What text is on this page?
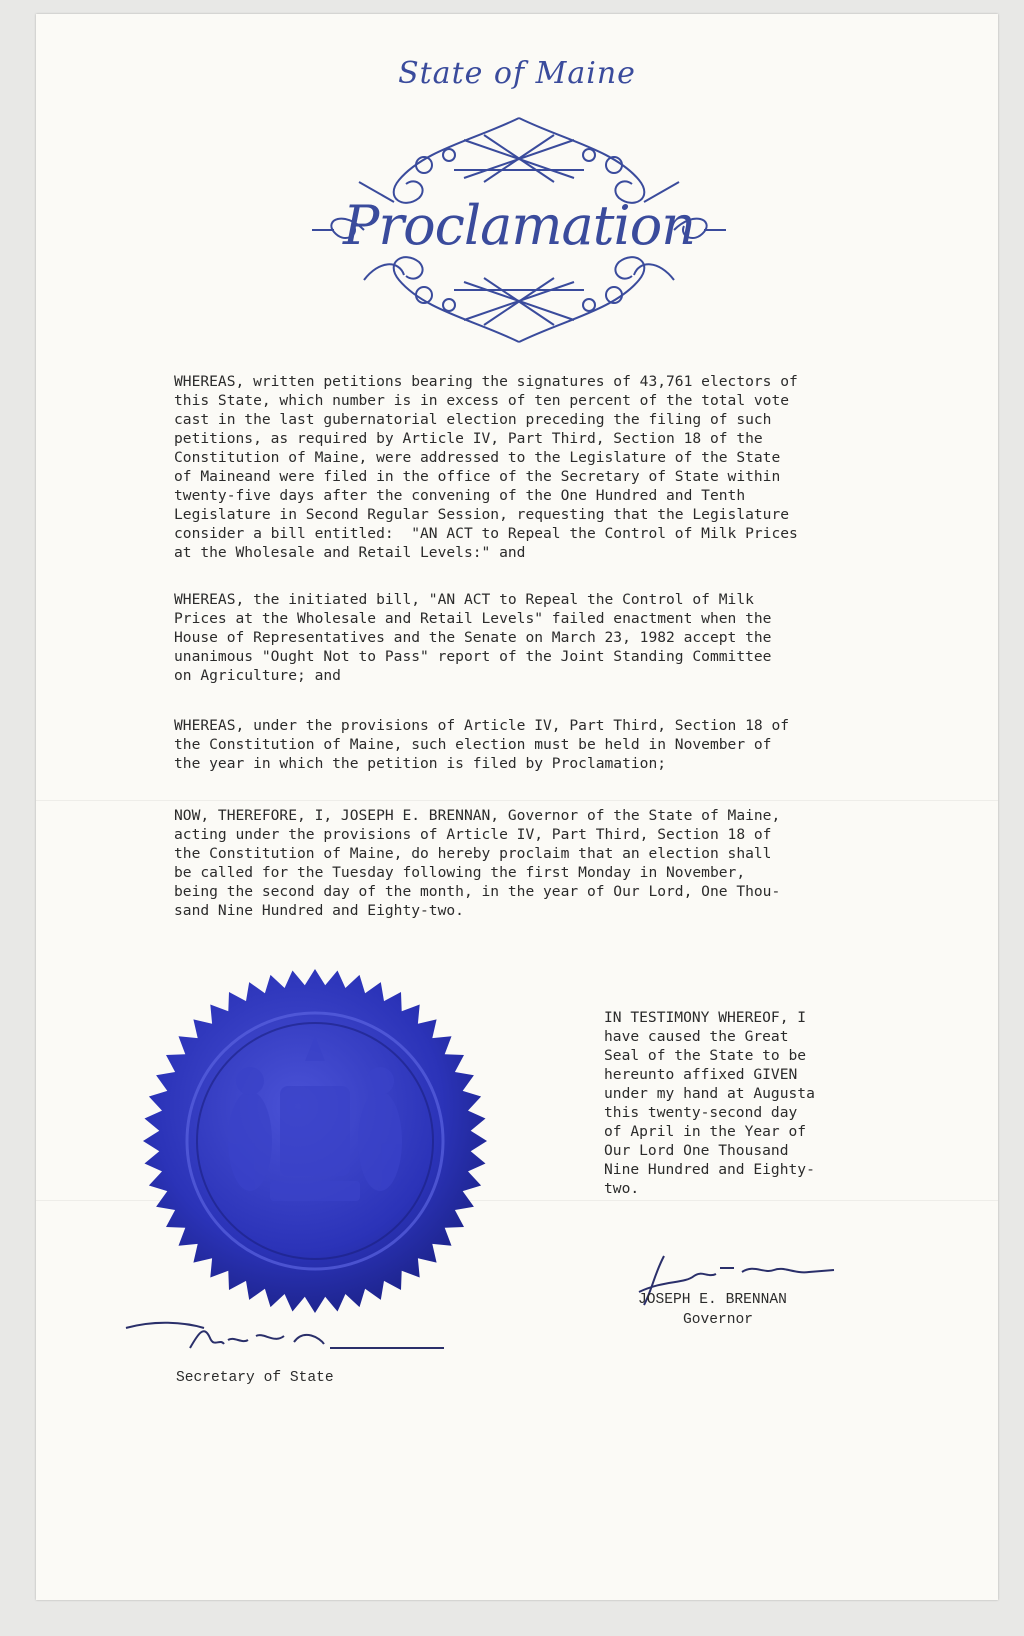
State of Maine
Proclamation
WHEREAS, written petitions bearing the signatures of 43,761 electors of
this State, which number is in excess of ten percent of the total vote
cast in the last gubernatorial election preceding the filing of such
petitions, as required by Article IV, Part Third, Section 18 of the
Constitution of Maine, were addressed to the Legislature of the State
of Maineand were filed in the office of the Secretary of State within
twenty-five days after the convening of the One Hundred and Tenth
Legislature in Second Regular Session, requesting that the Legislature
consider a bill entitled:  "AN ACT to Repeal the Control of Milk Prices
at the Wholesale and Retail Levels:" and
WHEREAS, the initiated bill, "AN ACT to Repeal the Control of Milk
Prices at the Wholesale and Retail Levels" failed enactment when the
House of Representatives and the Senate on March 23, 1982 accept the
unanimous "Ought Not to Pass" report of the Joint Standing Committee
on Agriculture; and
WHEREAS, under the provisions of Article IV, Part Third, Section 18 of
the Constitution of Maine, such election must be held in November of
the year in which the petition is filed by Proclamation;
NOW, THEREFORE, I, JOSEPH E. BRENNAN, Governor of the State of Maine,
acting under the provisions of Article IV, Part Third, Section 18 of
the Constitution of Maine, do hereby proclaim that an election shall
be called for the Tuesday following the first Monday in November,
being the second day of the month, in the year of Our Lord, One Thou-
sand Nine Hundred and Eighty-two.
IN TESTIMONY WHEREOF, I
have caused the Great
Seal of the State to be
hereunto affixed GIVEN
under my hand at Augusta
this twenty-second day
of April in the Year of
Our Lord One Thousand
Nine Hundred and Eighty-
two.
JOSEPH E. BRENNAN
Governor
Secretary of State
